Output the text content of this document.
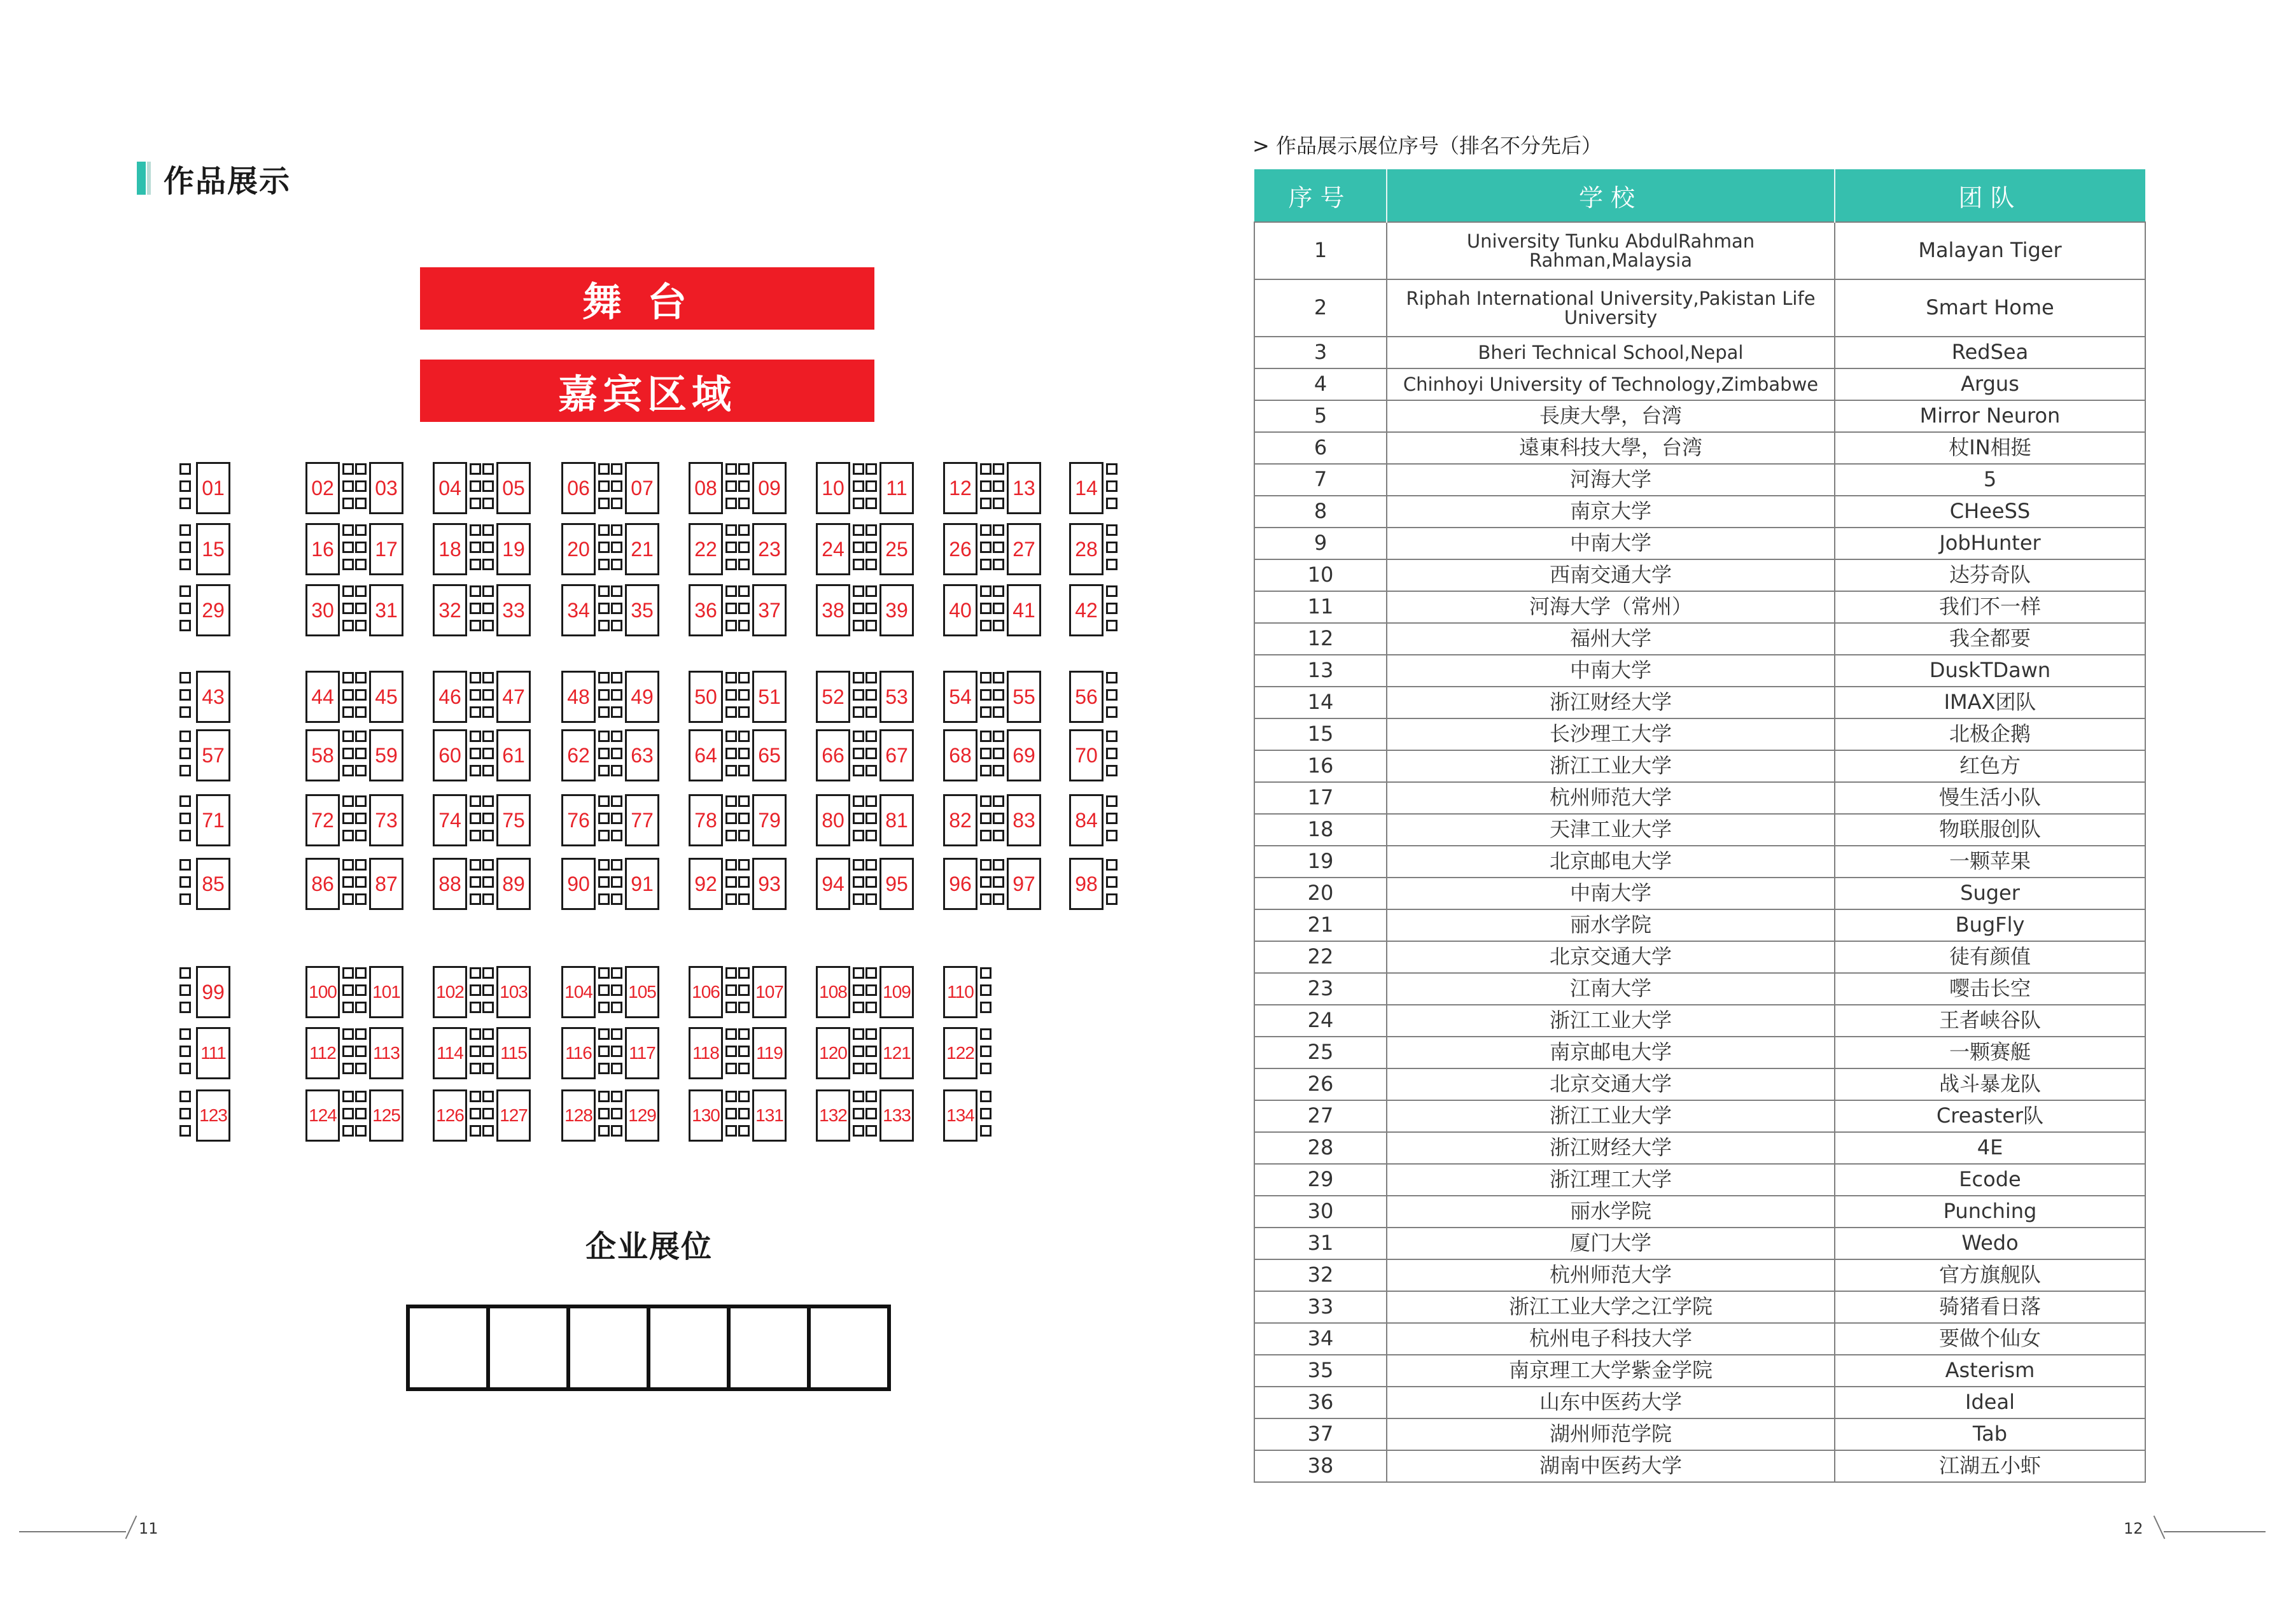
作品展示
舞台
嘉宾区域
01	02 03 04 05 06 07 08 09 10	11	12 13 14
15	16 17 18 19 20 21 22 23 24 25 26 27 28
29	30 31 32 33 34 35 36 37 38 39 40 41 42
43	44 45 46 47 48 49 50 51 52 53 54 55 56
57	58 59 60 61 62 63 64 65 66 67 68 69 70
71	72 73 74 75 76 77 78 79 80 81 82 83 84
85	86 87 88 89 90 91 92 93 94 95 96 97 98
99	100 101 102 103 104 105 106 107 108 109 110
111	112 113 114 115 116 117 118 119 120 121 122
123	124 125 126 127 128 129 130 131 132 133 134
企业展位
11
> 作品展示展位序号（排名不分先后）
序号	学校	团队
1	University Tunku AbdulRahman Rahman,Malaysia	Malayan Tiger
2	Riphah International University,Pakistan Life University	Smart Home
3	Bheri Technical School,Nepal	RedSea
4	Chinhoyi University of Technology,Zimbabwe	Argus
5	長庚大學，台湾	Mirror Neuron
6	遠東科技大學，台湾	杖IN相挺
7	河海大学	5
8	南京大学	CHeeSS
9	中南大学	JobHunter
10	西南交通大学	达芬奇队
11	河海大学（常州）	我们不一样
12	福州大学	我全都要
13	中南大学	DuskTDawn
14	浙江财经大学	IMAX团队
15	长沙理工大学	北极企鹅
16	浙江工业大学	红色方
17	杭州师范大学	慢生活小队
18	天津工业大学	物联服创队
19	北京邮电大学	一颗苹果
20	中南大学	Suger
21	丽水学院	BugFly
22	北京交通大学	徒有颜值
23	江南大学	嘤击长空
24	浙江工业大学	王者峡谷队
25	南京邮电大学	一颗赛艇
26	北京交通大学	战斗暴龙队
27	浙江工业大学	Creaster队
28	浙江财经大学	4E
29	浙江理工大学	Ecode
30	丽水学院	Punching
31	厦门大学	Wedo
32	杭州师范大学	官方旗舰队
33	浙江工业大学之江学院	骑猪看日落
34	杭州电子科技大学	要做个仙女
35	南京理工大学紫金学院	Asterism
36	山东中医药大学	Ideal
37	湖州师范学院	Tab
38	湖南中医药大学	江湖五小虾
12
